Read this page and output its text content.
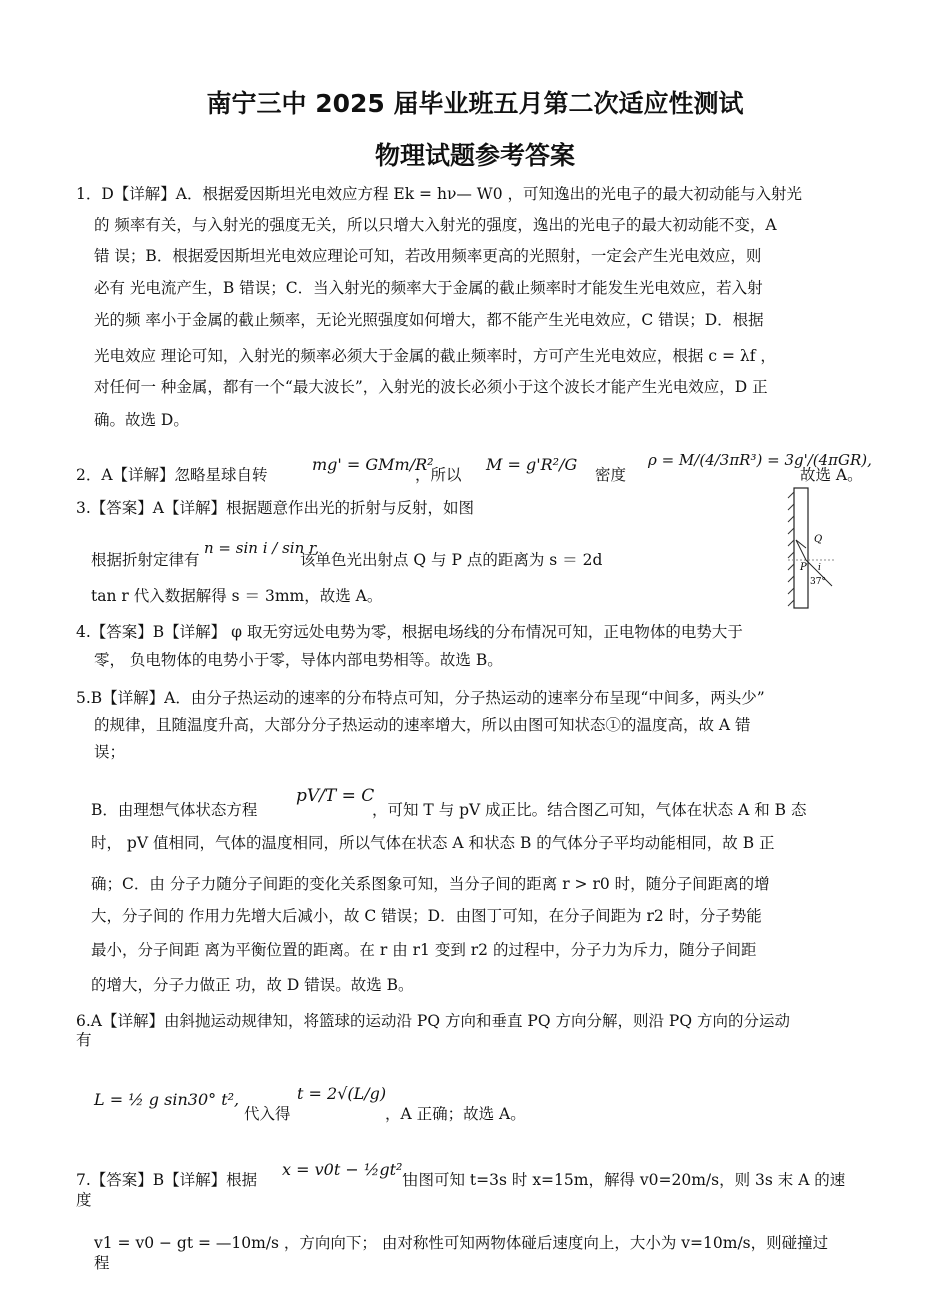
南宁三中 2025 届毕业班五月第二次适应性测试
物理试题参考答案
1．D【详解】A．根据爱因斯坦光电效应方程 Ek = hν— W0 ，可知逸出的光电子的最大初动能与入射光
的 频率有关，与入射光的强度无关，所以只增大入射光的强度，逸出的光电子的最大初动能不变，A
错 误；B．根据爱因斯坦光电效应理论可知，若改用频率更高的光照射，一定会产生光电效应，则
必有 光电流产生，B 错误；C．当入射光的频率大于金属的截止频率时才能发生光电效应，若入射
光的频 率小于金属的截止频率，无论光照强度如何增大，都不能产生光电效应，C 错误；D．根据
光电效应 理论可知，入射光的频率必须大于金属的截止频率时，方可产生光电效应，根据 c = λf ，
对任何一 种金属，都有一个“最大波长”，入射光的波长必须小于这个波长才能产生光电效应，D 正
确。故选 D。
2．A【详解】忽略星球自转
mg' = GMm/R²
，所以
M = g'R²/G
密度
ρ = M/(4/3πR³) = 3g'/(4πGR),
故选 A。
3.【答案】A【详解】根据题意作出光的折射与反射，如图
根据折射定律有
n = sin i / sin r,
该单色光出射点 Q 与 P 点的距离为 s ＝ 2d
tan r 代入数据解得 s ＝ 3mm，故选 A。
Q
P i
37°
4.【答案】B【详解】 φ 取无穷远处电势为零，根据电场线的分布情况可知，正电物体的电势大于
零， 负电物体的电势小于零，导体内部电势相等。故选 B。
5.B【详解】A．由分子热运动的速率的分布特点可知，分子热运动的速率分布呈现“中间多，两头少”
的规律，且随温度升高，大部分分子热运动的速率增大，所以由图可知状态①的温度高，故 A 错
误；
B．由理想气体状态方程
pV/T = C
，可知 T 与 pV 成正比。结合图乙可知，气体在状态 A 和 B 态
时， pV 值相同，气体的温度相同，所以气体在状态 A 和状态 B 的气体分子平均动能相同，故 B 正
确；C．由 分子力随分子间距的变化关系图象可知，当分子间的距离 r > r0 时，随分子间距离的增
大，分子间的 作用力先增大后减小，故 C 错误；D．由图丁可知，在分子间距为 r2 时，分子势能
最小，分子间距 离为平衡位置的距离。在 r 由 r1 变到 r2 的过程中，分子力为斥力，随分子间距
的增大，分子力做正 功，故 D 错误。故选 B。
6.A【详解】由斜抛运动规律知，将篮球的运动沿 PQ 方向和垂直 PQ 方向分解，则沿 PQ 方向的分运动
有
L = ½ g sin30° t²,
代入得
t = 2√(L/g)
，A 正确；故选 A。
7.【答案】B【详解】根据
x = v0t − ½gt²,
由图可知 t=3s 时 x=15m，解得 v0=20m/s，则 3s 末 A 的速
度
v1 = v0 − gt = —10m/s ，方向向下； 由对称性可知两物体碰后速度向上，大小为 v=10m/s，则碰撞过
程
